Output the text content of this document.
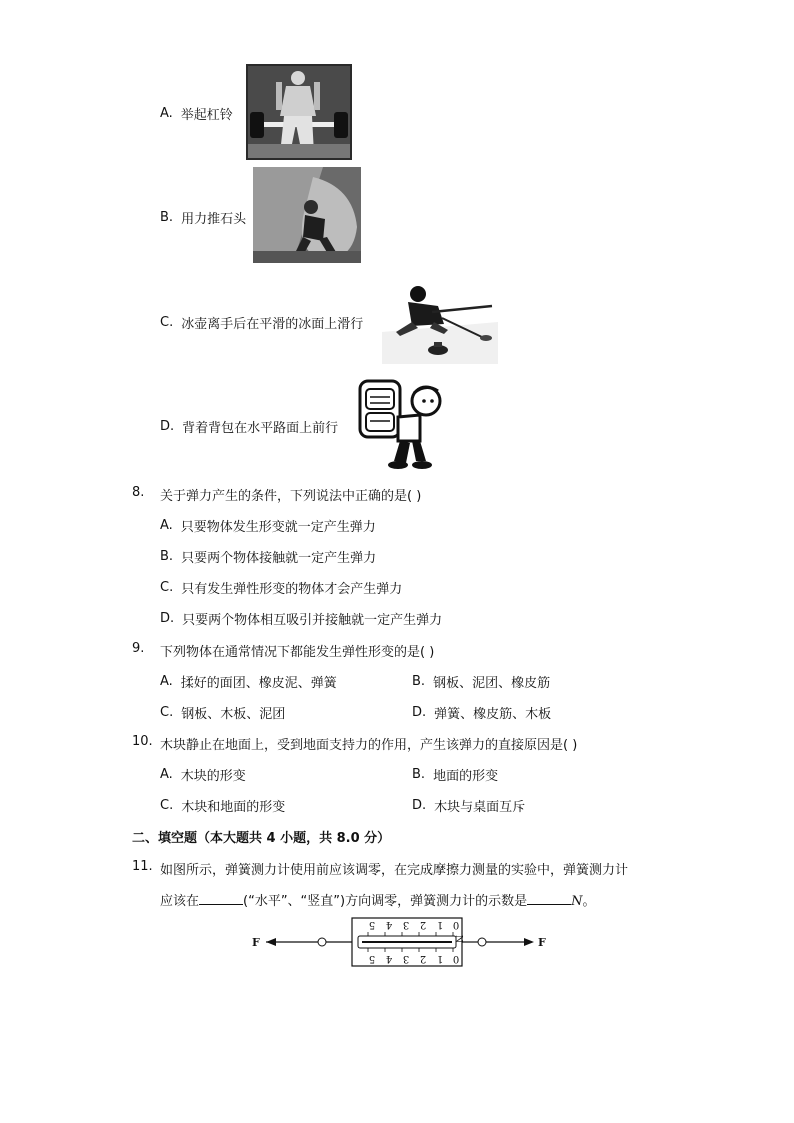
A. 举起杠铃
B. 用力推石头
C. 冰壶离手后在平滑的冰面上滑行
D. 背着背包在水平路面上前行
8. 关于弹力产生的条件，下列说法中正确的是( )
A. 只要物体发生形变就一定产生弹力
B. 只要两个物体接触就一定产生弹力
C. 只有发生弹性形变的物体才会产生弹力
D. 只要两个物体相互吸引并接触就一定产生弹力
9. 下列物体在通常情况下都能发生弹性形变的是( )
A. 揉好的面团、橡皮泥、弹簧	B. 钢板、泥团、橡皮筋
C. 钢板、木板、泥团	D. 弹簧、橡皮筋、木板
10. 木块静止在地面上，受到地面支持力的作用，产生该弹力的直接原因是( )
A. 木块的形变	B. 地面的形变
C. 木块和地面的形变	D. 木块与桌面互斥
二、填空题（本大题共 4 小题，共 8.0 分）
11. 如图所示，弹簧测力计使用前应该调零，在完成摩擦力测量的实验中，弹簧测力计
应该在	(“水平”、“竖直”)方向调零，弹簧测力计的示数是	N。
F
5 4 3 2 1 0
5 4 3 2 1 0
N	F
